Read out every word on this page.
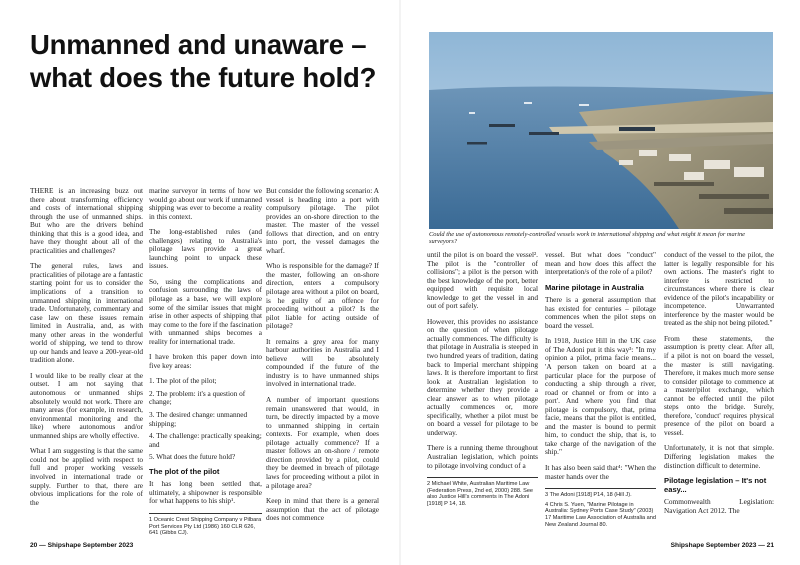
Unmanned and unaware –
what does the future hold?

THERE is an increasing buzz out there about transforming efficiency and costs of international shipping through the use of unmanned ships. But who are the drivers behind thinking that this is a good idea, and have they thought about all of the practicalities and challenges?

The general rules, laws and practicalities of pilotage are a fantastic starting point for us to consider the implications of a transition to unmanned shipping in international trade. Unfortunately, commentary and case law on these issues remain limited in Australia, and, as with many other areas in the wonderful world of shipping, we tend to throw up our hands and leave a 200-year-old tradition alone.

I would like to be really clear at the outset. I am not saying that autonomous or unmanned ships absolutely would not work. There are many areas (for example, in research, environmental monitoring and the like) where autonomous and/or unmanned ships are wholly effective.

What I am suggesting is that the same could not be applied with respect to full and proper working vessels involved in international trade or supply. Further to that, there are obvious implications for the role of the

marine surveyor in terms of how we would go about our work if unmanned shipping was ever to become a reality in this context.

The long-established rules (and challenges) relating to Australia's pilotage laws provide a great launching point to unpack these issues.

So, using the complications and confusion surrounding the laws of pilotage as a base, we will explore some of the similar issues that might arise in other aspects of shipping that may come to the fore if the fascination with unmanned ships becomes a reality for international trade.

I have broken this paper down into five key areas:

1. The plot of the pilot;
2. The problem: it's a question of change;
3. The desired change: unmanned shipping;
4. The challenge: practically speaking; and
5. What does the future hold?
The plot of the pilot

It has long been settled that, ultimately, a shipowner is responsible for what happens to his ship¹.

1 Oceanic Crest Shipping Company v Pilbara Port Services Pty Ltd (1986) 160 CLR 626, 641 (Gibbs CJ).

But consider the following scenario: A vessel is heading into a port with compulsory pilotage. The pilot provides an on-shore direction to the master. The master of the vessel follows that direction, and on entry into port, the vessel damages the wharf.

Who is responsible for the damage? If the master, following an on-shore direction, enters a compulsory pilotage area without a pilot on board, is he guilty of an offence for proceeding without a pilot? Is the pilot liable for acting outside of pilotage?

It remains a grey area for many harbour authorities in Australia and I believe will be absolutely compounded if the future of the industry is to have unmanned ships involved in international trade.

A number of important questions remain unanswered that would, in turn, be directly impacted by a move to unmanned shipping in certain contexts. For example, when does pilotage actually commence? If a master follows an on-shore / remote direction provided by a pilot, could they be deemed in breach of pilotage laws for proceeding without a pilot in a pilotage area?

Keep in mind that there is a general assumption that the act of pilotage does not commence

Could the use of autonomous remotely-controlled vessels work in international shipping and what might it mean for marine surveyors?

until the pilot is on board the vessel². The pilot is the "controller of collisions"; a pilot is the person with the best knowledge of the port, better equipped with requisite local knowledge to get the vessel in and out of port safely.

However, this provides no assistance on the question of when pilotage actually commences. The difficulty is that pilotage in Australia is steeped in two hundred years of tradition, dating back to Imperial merchant shipping laws. It is therefore important to first look at Australian legislation to determine whether they provide a clear answer as to when pilotage actually commences or, more specifically, whether a pilot must be on board a vessel for pilotage to be underway.

There is a running theme throughout Australian legislation, which points to pilotage involving conduct of a

2 Michael White, Australian Maritime Law (Federation Press, 2nd ed, 2000) 288. See also Justice Hill's comments in The Adoni [1918] P 14, 18.

vessel. But what does "conduct" mean and how does this affect the interpretation/s of the role of a pilot?

Marine pilotage in Australia

There is a general assumption that has existed for centuries – pilotage commences when the pilot steps on board the vessel.

In 1918, Justice Hill in the UK case of The Adoni put it this way³: "In my opinion a pilot, prima facie means... 'A person taken on board at a particular place for the purpose of conducting a ship through a river, road or channel or from or into a port'. And where you find that pilotage is compulsory, that, prima facie, means that the pilot is entitled, and the master is bound to permit him, to conduct the ship, that is, to take charge of the navigation of the ship."

It has also been said that⁴: "When the master hands over the

3 The Adoni [1918] P14, 18 (Hill J).
4 Chris S. Yuen, "Marine Pilotage in Australia: Sydney Ports Case Study" (2003) 17 Maritime Law Association of Australia and New Zealand Journal 80.

conduct of the vessel to the pilot, the latter is legally responsible for his own actions. The master's right to interfere is restricted to circumstances where there is clear evidence of the pilot's incapability or incompetence. Unwarranted interference by the master would be treated as the ship not being piloted."

From these statements, the assumption is pretty clear. After all, if a pilot is not on board the vessel, the master is still navigating. Therefore, it makes much more sense to consider pilotage to commence at a master/pilot exchange, which cannot be effected until the pilot steps onto the bridge. Surely, therefore, 'conduct' requires physical presence of the pilot on board a vessel.

Unfortunately, it is not that simple. Differing legislation makes the distinction difficult to determine.

Pilotage legislation – It's not easy...

Commonwealth Legislation: Navigation Act 2012. The

20 — Shipshape September 2023	Shipshape September 2023 — 21
